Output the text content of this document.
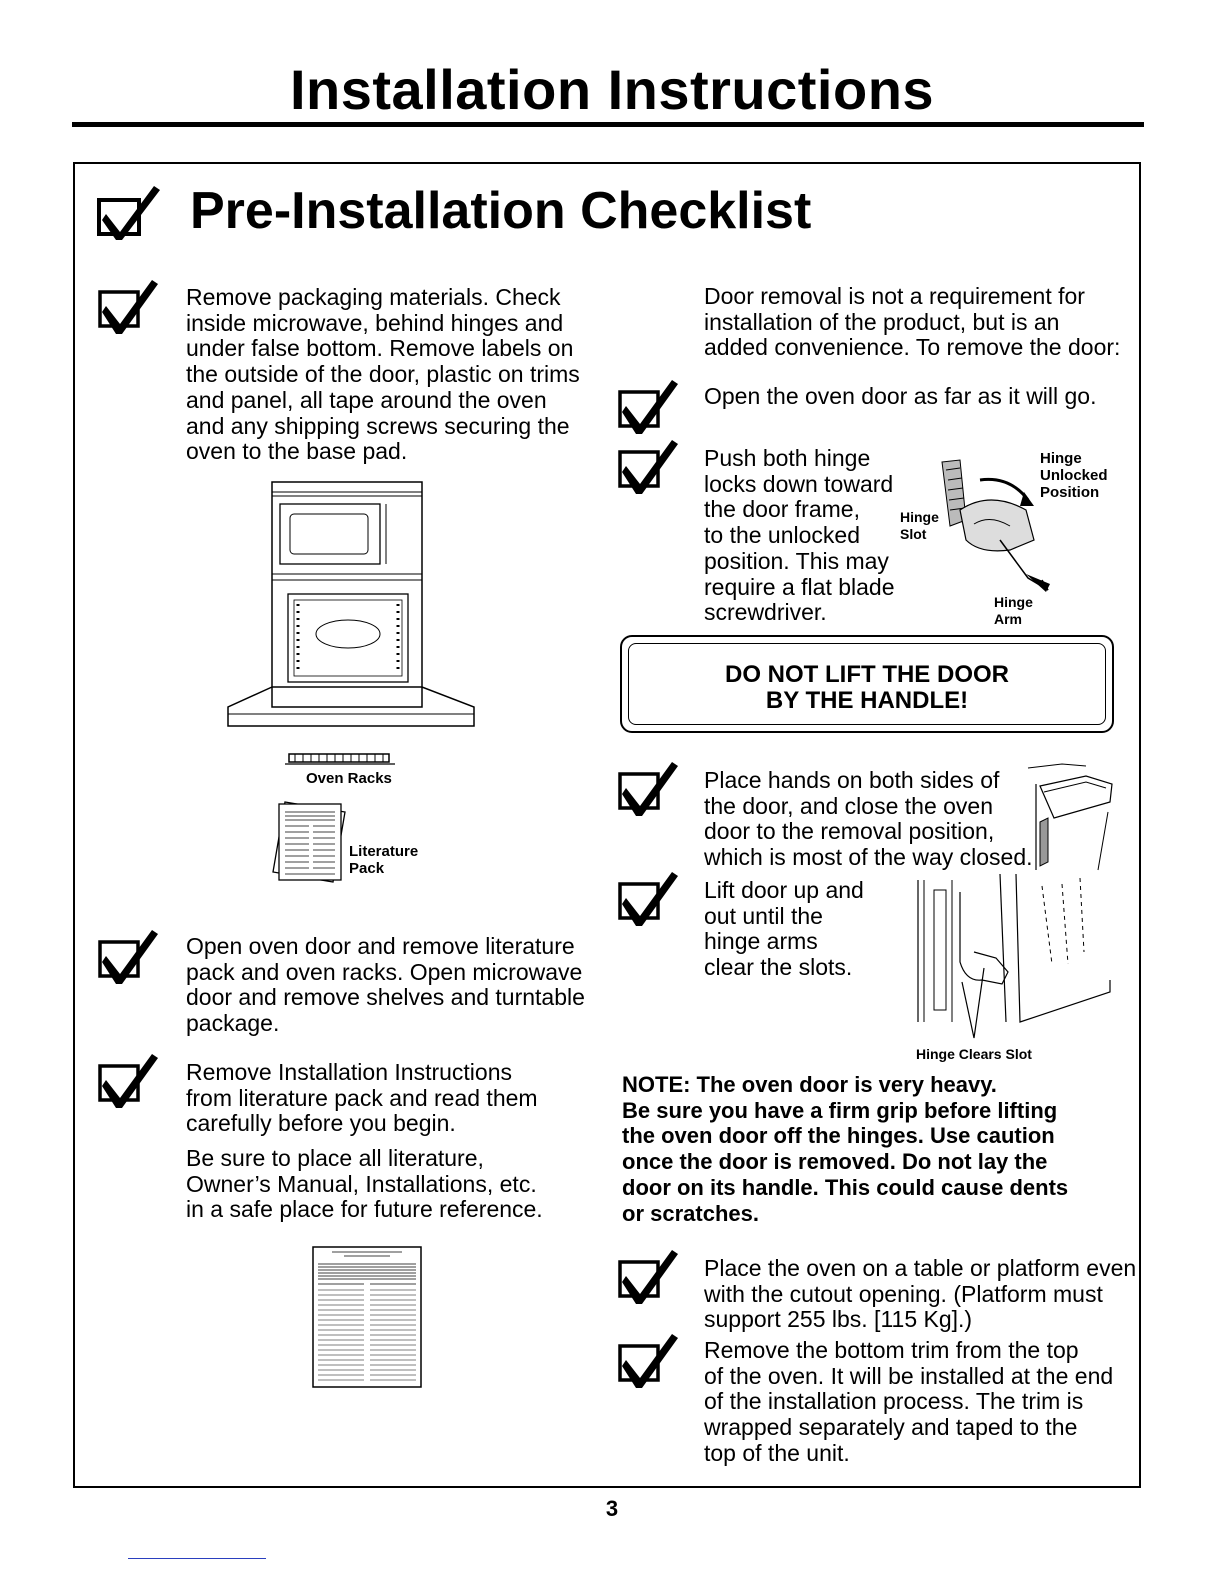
Installation Instructions
Pre-Installation Checklist
Remove packaging materials. Check
inside microwave, behind hinges and
under false bottom. Remove labels on
the outside of the door, plastic on trims
and panel, all tape around the oven
and any shipping screws securing the
oven to the base pad.
Oven Racks
Literature
Pack
Open oven door and remove literature
pack and oven racks. Open microwave
door and remove shelves and turntable
package.
Remove Installation Instructions
from literature pack and read them
carefully before you begin.
Be sure to place all literature,
Owner’s Manual, Installations, etc.
in a safe place for future reference.
Door removal is not a requirement for
installation of the product, but is an
added convenience. To remove the door:
Open the oven door as far as it will go.
Push both hinge
locks down toward
the door frame,
to the unlocked
position. This may
require a flat blade
screwdriver.
Hinge
Unlocked
Position
Hinge
Slot
Hinge
Arm
DO NOT LIFT THE DOOR
BY THE HANDLE!
Place hands on both sides of
the door, and close the oven
door to the removal position,
which is most of the way closed.
Lift door up and
out until the
hinge arms
clear the slots.
Hinge Clears Slot
NOTE: The oven door is very heavy.
Be sure you have a firm grip before lifting
the oven door off the hinges. Use caution
once the door is removed. Do not lay the
door on its handle. This could cause dents
or scratches.
Place the oven on a table or platform even
with the cutout opening. (Platform must
support 255 lbs. [115 Kg].)
Remove the bottom trim from the top
of the oven. It will be installed at the end
of the installation process. The trim is
wrapped separately and taped to the
top of the unit.
3
